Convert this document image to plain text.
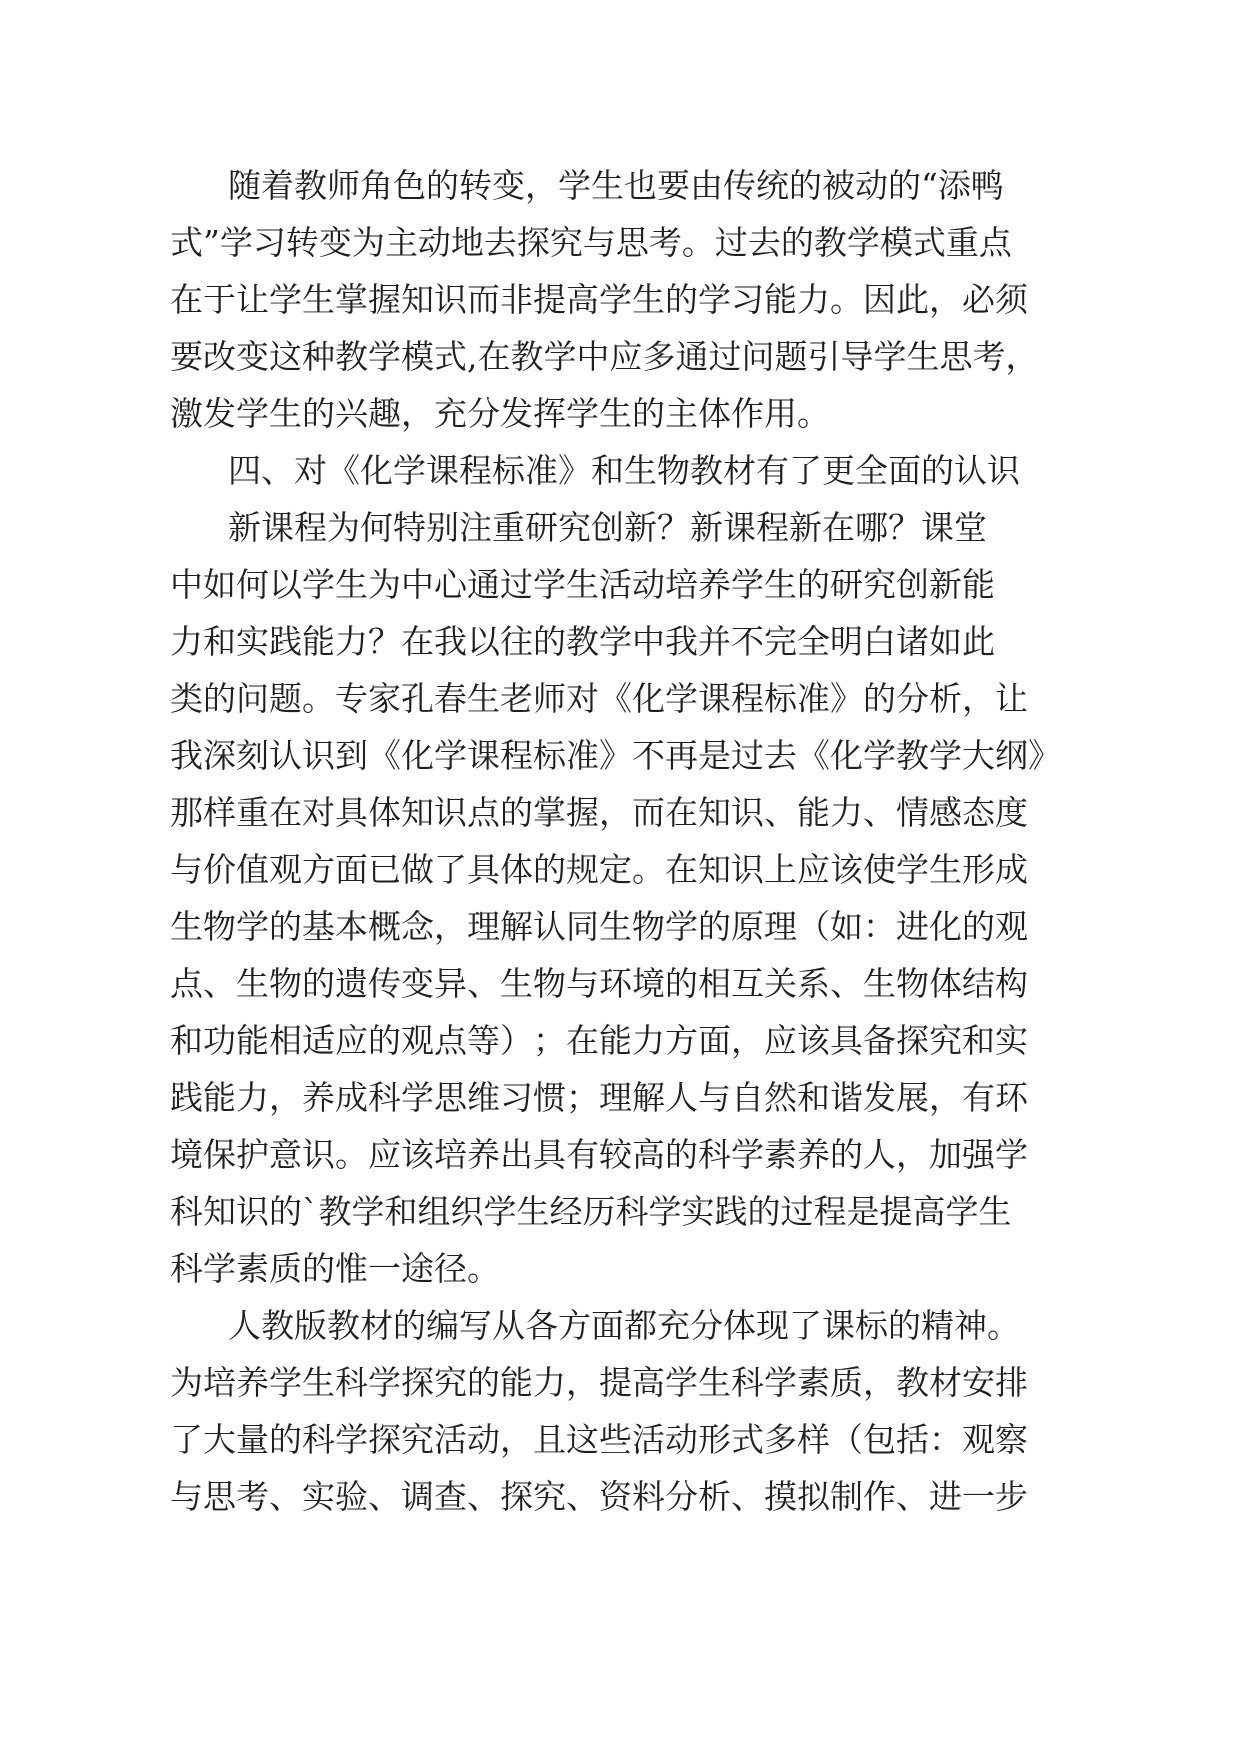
随 着 教 师 角 色 的 转 变 ， 学 生 也 要 由 传 统 的 被 动 的 “ 添 鸭
式 ” 学 习 转 变 为 主 动 地 去 探 究 与 思 考 。 过 去 的 教 学 模 式 重 点
在 于 让 学 生 掌 握 知 识 而 非 提 高 学 生 的 学 习 能 力 。 因 此 ， 必 须
要 改 变 这 种 教 学 模 式 , 在 教 学 中 应 多 通 过 问 题 引 导 学 生 思 考 ，
激 发 学 生 的 兴 趣 ， 充 分 发 挥 学 生 的 主 体 作 用 。
四 、 对 《 化 学 课 程 标 准 》 和 生 物 教 材 有 了 更 全 面 的 认 识
新 课 程 为 何 特 别 注 重 研 究 创 新 ？ 新 课 程 新 在 哪 ？ 课 堂
中 如 何 以 学 生 为 中 心 通 过 学 生 活 动 培 养 学 生 的 研 究 创 新 能
力 和 实 践 能 力 ？ 在 我 以 往 的 教 学 中 我 并 不 完 全 明 白 诸 如 此
类 的 问 题 。 专 家 孔 春 生 老 师 对 《 化 学 课 程 标 准 》 的 分 析 ， 让
我 深 刻 认 识 到 《 化 学 课 程 标 准 》 不 再 是 过 去 《 化 学 教 学 大 纲 》
那 样 重 在 对 具 体 知 识 点 的 掌 握 ， 而 在 知 识 、 能 力 、 情 感 态 度
与 价 值 观 方 面 已 做 了 具 体 的 规 定 。 在 知 识 上 应 该 使 学 生 形 成
生 物 学 的 基 本 概 念 ， 理 解 认 同 生 物 学 的 原 理 （ 如 ： 进 化 的 观
点 、 生 物 的 遗 传 变 异 、 生 物 与 环 境 的 相 互 关 系 、 生 物 体 结 构
和 功 能 相 适 应 的 观 点 等 ） ； 在 能 力 方 面 ， 应 该 具 备 探 究 和 实
践 能 力 ， 养 成 科 学 思 维 习 惯 ； 理 解 人 与 自 然 和 谐 发 展 ， 有 环
境 保 护 意 识 。 应 该 培 养 出 具 有 较 高 的 科 学 素 养 的 人 ， 加 强 学
科 知 识 的 ` 教 学 和 组 织 学 生 经 历 科 学 实 践 的 过 程 是 提 高 学 生
科 学 素 质 的 惟 一 途 径 。
人 教 版 教 材 的 编 写 从 各 方 面 都 充 分 体 现 了 课 标 的 精 神 。
为 培 养 学 生 科 学 探 究 的 能 力 ， 提 高 学 生 科 学 素 质 ， 教 材 安 排
了 大 量 的 科 学 探 究 活 动 ， 且 这 些 活 动 形 式 多 样 （ 包 括 ： 观 察
与 思 考 、 实 验 、 调 查 、 探 究 、 资 料 分 析 、 摸 拟 制 作 、 进 一 步
